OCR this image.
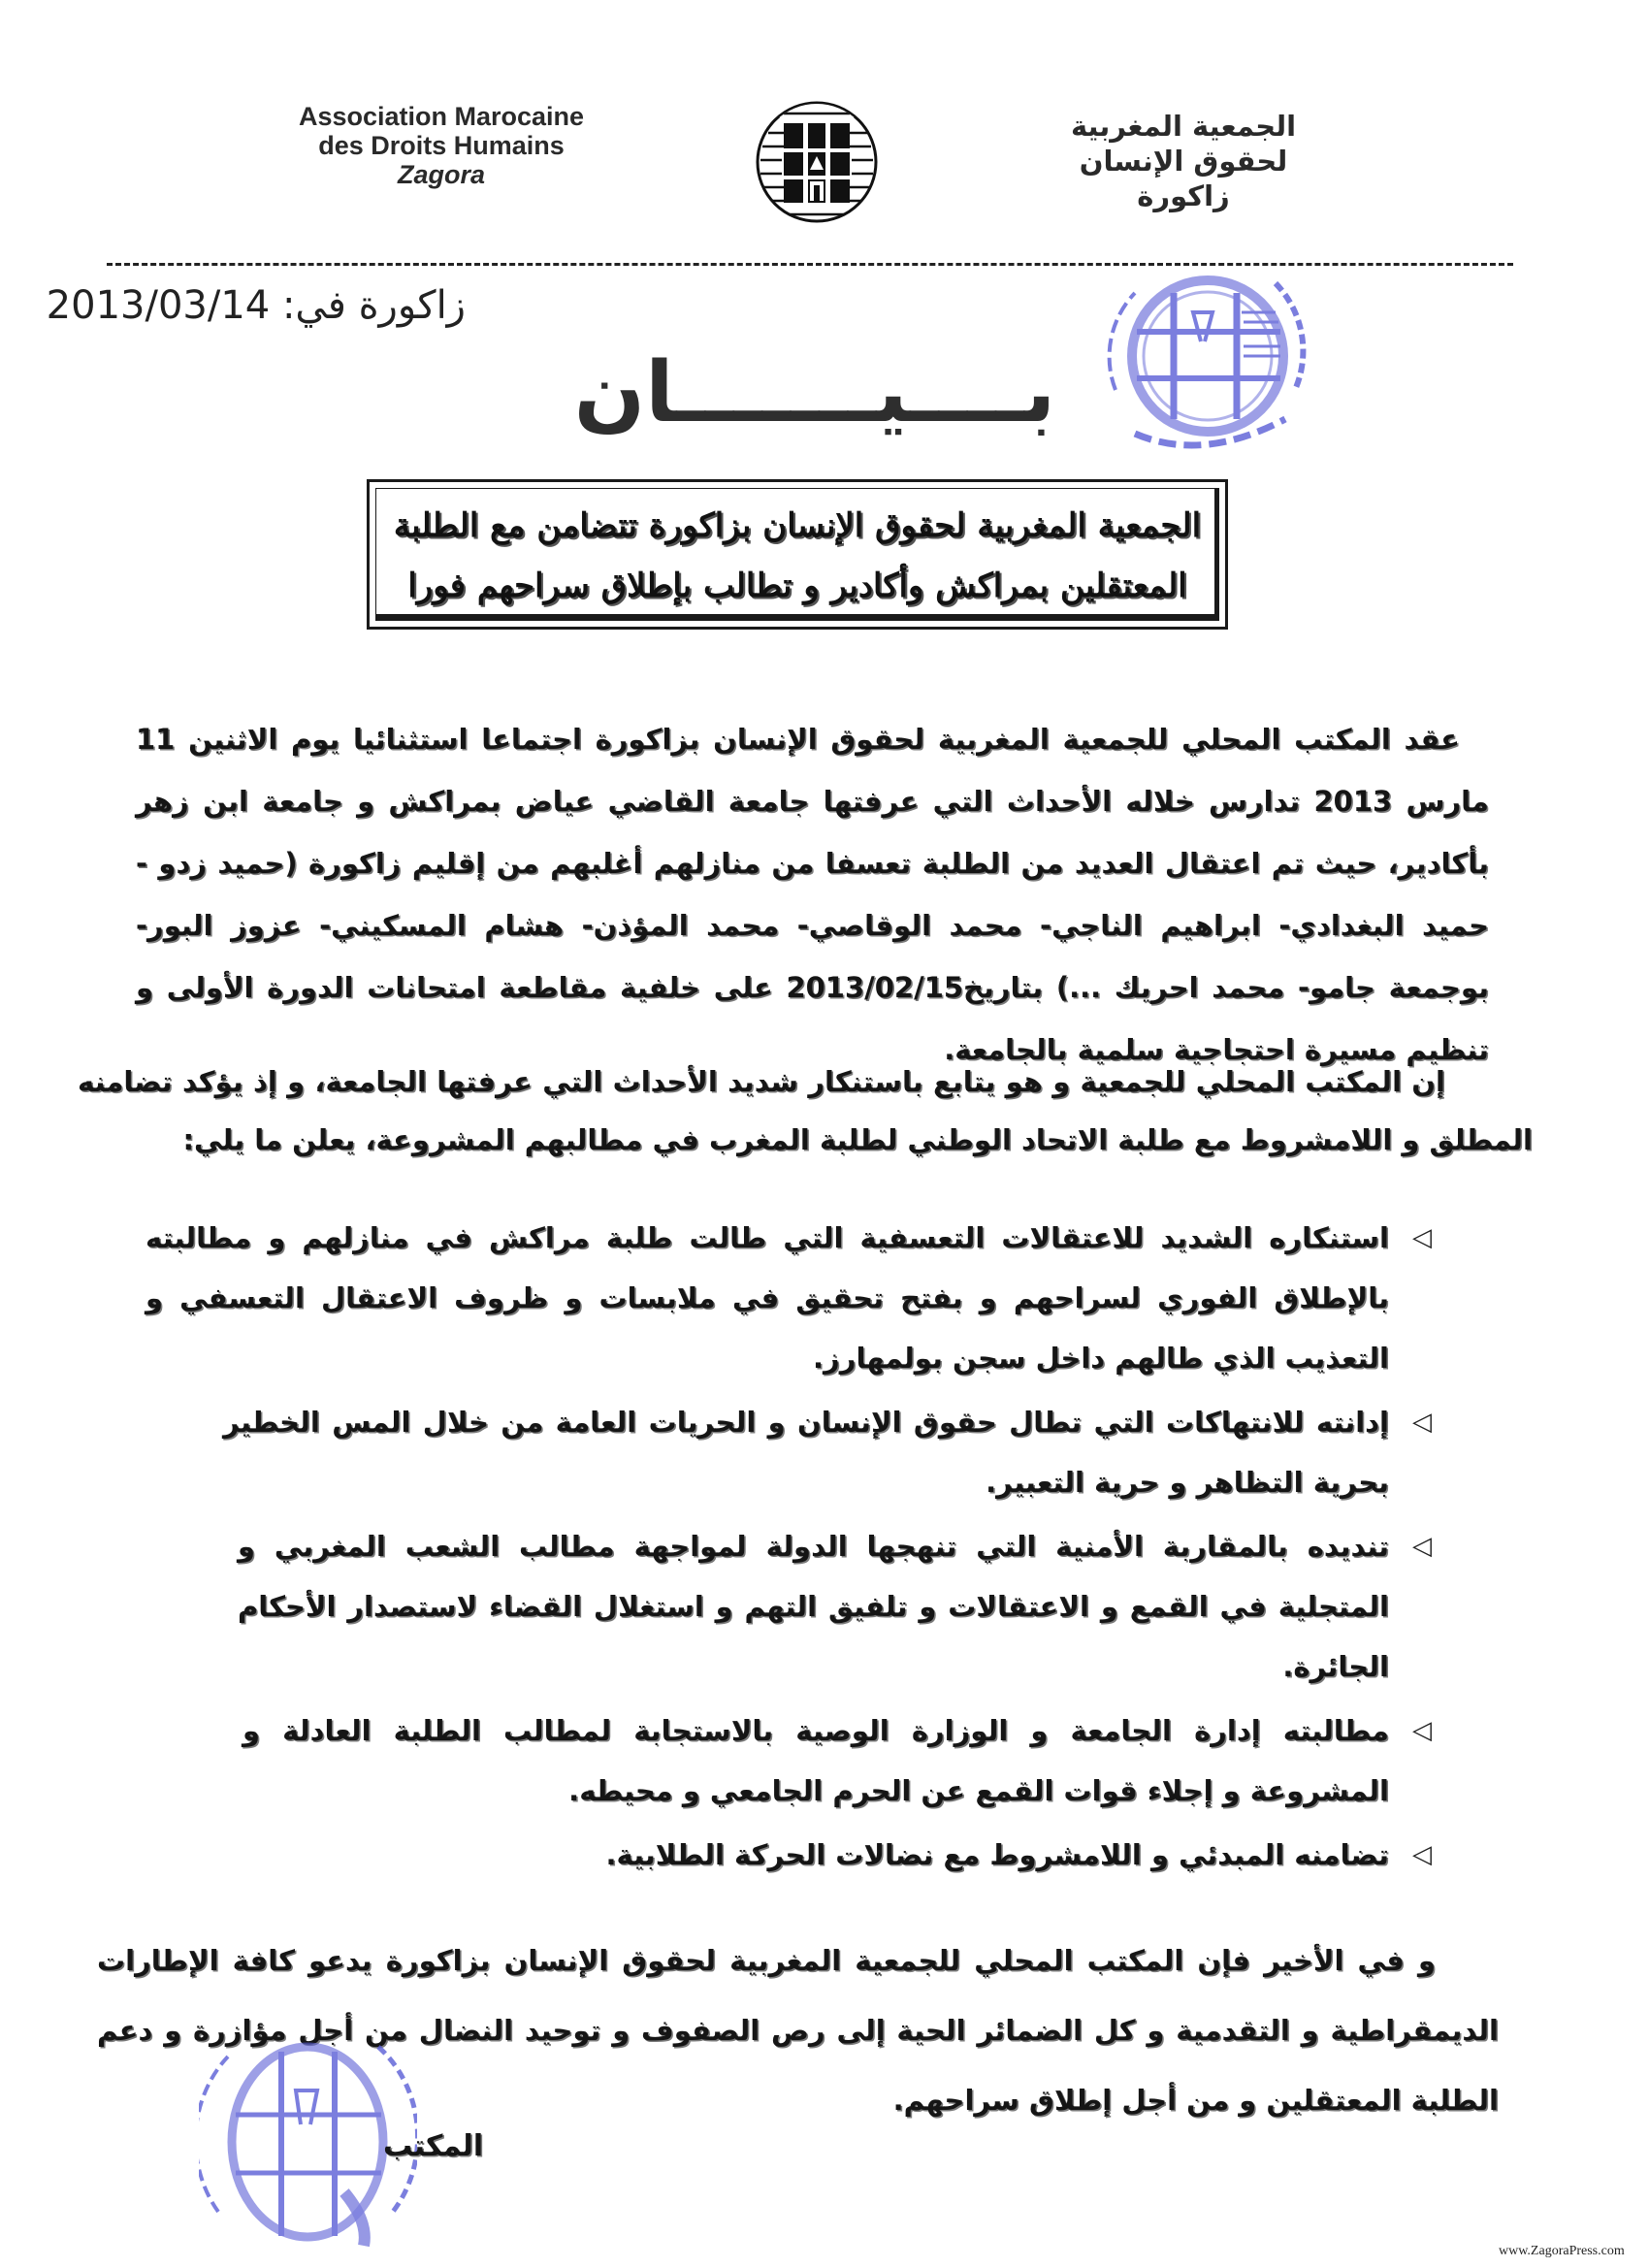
Association Marocaine
des Droits Humains
Zagora
الجمعية المغربية
لحقوق الإنسان
زاكورة
زاكورة في: 2013/03/14
بــــيـــــــان
الجمعية المغربية لحقوق الإنسان بزاكورة تتضامن مع الطلبة
المعتقلين بمراكش وأكادير و تطالب بإطلاق سراحهم فورا
عقد المكتب المحلي للجمعية المغربية لحقوق الإنسان بزاكورة اجتماعا استثنائيا يوم الاثنين 11 مارس 2013 تدارس خلاله الأحداث التي عرفتها جامعة القاضي عياض بمراكش و جامعة ابن زهر بأكادير، حيث تم اعتقال العديد من الطلبة تعسفا من منازلهم أغلبهم من إقليم زاكورة (حميد زدو - حميد البغدادي- ابراهيم الناجي- محمد الوقاصي- محمد المؤذن- هشام المسكيني- عزوز البور- بوجمعة جامو- محمد احريك ...) بتاريخ2013/02/15 على خلفية مقاطعة امتحانات الدورة الأولى و تنظيم مسيرة احتجاجية سلمية بالجامعة.
إن المكتب المحلي للجمعية و هو يتابع باستنكار شديد الأحداث التي عرفتها الجامعة، و إذ يؤكد تضامنه المطلق و اللامشروط مع طلبة الاتحاد الوطني لطلبة المغرب في مطالبهم المشروعة، يعلن ما يلي:
◁
استنكاره الشديد للاعتقالات التعسفية التي طالت طلبة مراكش في منازلهم و مطالبته بالإطلاق الفوري لسراحهم و بفتح تحقيق في ملابسات و ظروف الاعتقال التعسفي و التعذيب الذي طالهم داخل سجن بولمهارز.
◁
إدانته للانتهاكات التي تطال حقوق الإنسان و الحريات العامة من خلال المس الخطير بحرية التظاهر و حرية التعبير.
◁
تنديده بالمقاربة الأمنية التي تنهجها الدولة لمواجهة مطالب الشعب المغربي و المتجلية في القمع و الاعتقالات و تلفيق التهم و استغلال القضاء لاستصدار الأحكام الجائرة.
◁
مطالبته إدارة الجامعة و الوزارة الوصية بالاستجابة لمطالب الطلبة العادلة و المشروعة و إجلاء قوات القمع عن الحرم الجامعي و محيطه.
◁
تضامنه المبدئي و اللامشروط مع نضالات الحركة الطلابية.
و في الأخير فإن المكتب المحلي للجمعية المغربية لحقوق الإنسان بزاكورة يدعو كافة الإطارات الديمقراطية و التقدمية و كل الضمائر الحية إلى رص الصفوف و توحيد النضال من أجل مؤازرة و دعم الطلبة المعتقلين و من أجل إطلاق سراحهم.
المكتب
www.ZagoraPress.com
